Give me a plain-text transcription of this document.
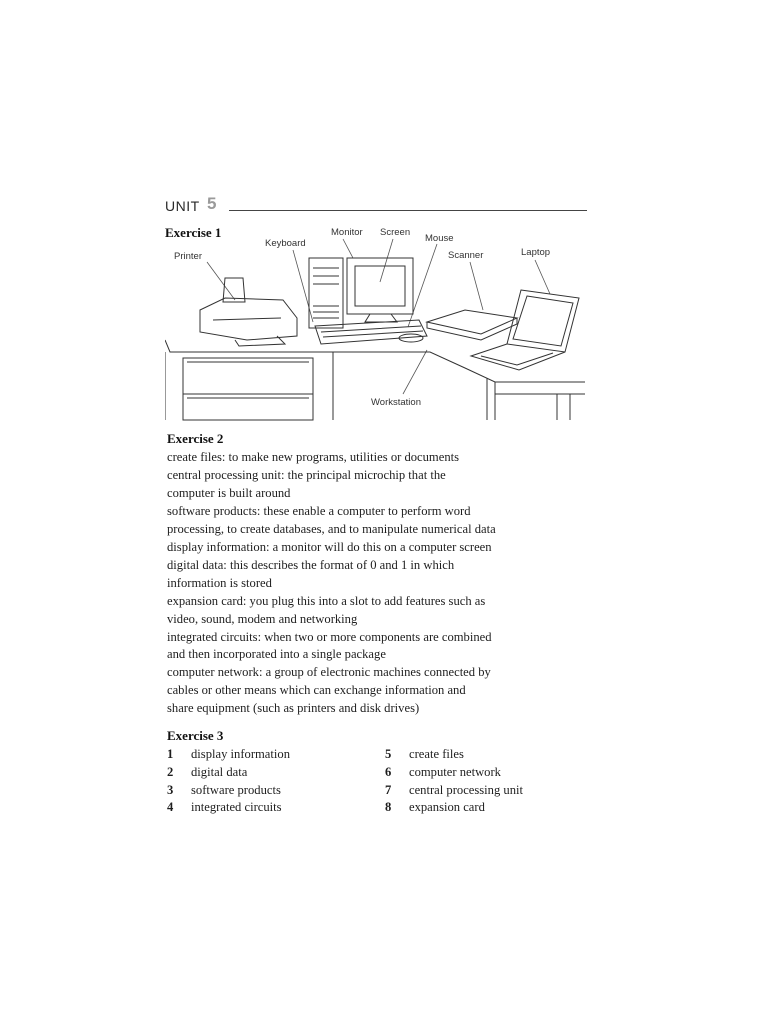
UNIT 5
Exercise 1
Printer
Keyboard
Monitor Screen
Mouse
Scanner	Laptop
Workstation
Exercise 2

create files: to make new programs, utilities or documents

central processing unit: the principal microchip that the

computer is built around

software products: these enable a computer to perform word

processing, to create databases, and to manipulate numerical data

display information: a monitor will do this on a computer screen

digital data: this describes the format of 0 and 1 in which

information is stored

expansion card: you plug this into a slot to add features such as

video, sound, modem and networking

integrated circuits: when two or more components are combined

and then incorporated into a single package

computer network: a group of electronic machines connected by

cables or other means which can exchange information and

share equipment (such as printers and disk drives)

Exercise 3
1 display information
2 digital data
3 software products
4 integrated circuits
5 create files
6 computer network
7 central processing unit
8 expansion card
